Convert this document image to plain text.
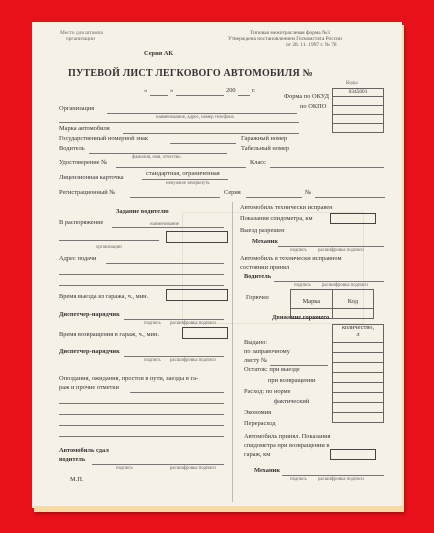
Место для штампа
организации
Типовая межотраслевая форма №3
Утверждена постановлением Госкомстата России
от 28. 11. 1997 г. № 78
Серия АК
ПУТЕВОЙ ЛИСТ ЛЕГКОВОГО АВТОМОБИЛЯ №
Коды
0345001

Форма по ОКУД
по ОКПО
«	»	200	г.
Организация
наименование, адрес, номер телефона
Марка автомобиля
Государственный номерной знак	Гаражный номер
Водитель
фамилия, имя, отчество
Табельный номер
Удостоверение №	Класс
Лицензионная карточка
стандартная, ограниченная
ненужное зачеркнуть
Регистрационный №	Серия	№
Задание водителю
В распоряжение	наименование
организации
Адрес подачи
Время выезда из гаража, ч., мин.
Диспетчер-нарядчик
подпись расшифровка подписи
Время возвращения в гараж, ч., мин.
Диспетчер-нарядчик
подпись расшифровка подписи
Опоздания, ожидания, простои в пути, заезды в га-
раж и прочие отметки
Автомобиль сдал
водитель
подпись	расшифровка подписи
М.П.
Автомобиль технически исправен
Показания спидометра, км
Выезд разрешен
Механик
подпись расшифровка подписи
Автомобиль в технически исправном
состоянии принял
Водитель
подпись расшифровка подписи
Горючее
Марка	Код

Движение горючего
количество,
л

Выдано:
по заправочному
листу №
Остаток: при выезде
при возвращении
Расход: по норме
фактический
Экономия
Перерасход
Автомобиль принял. Показания
спидометра при возвращении в
гараж, км
Механик
подпись расшифровка подписи
